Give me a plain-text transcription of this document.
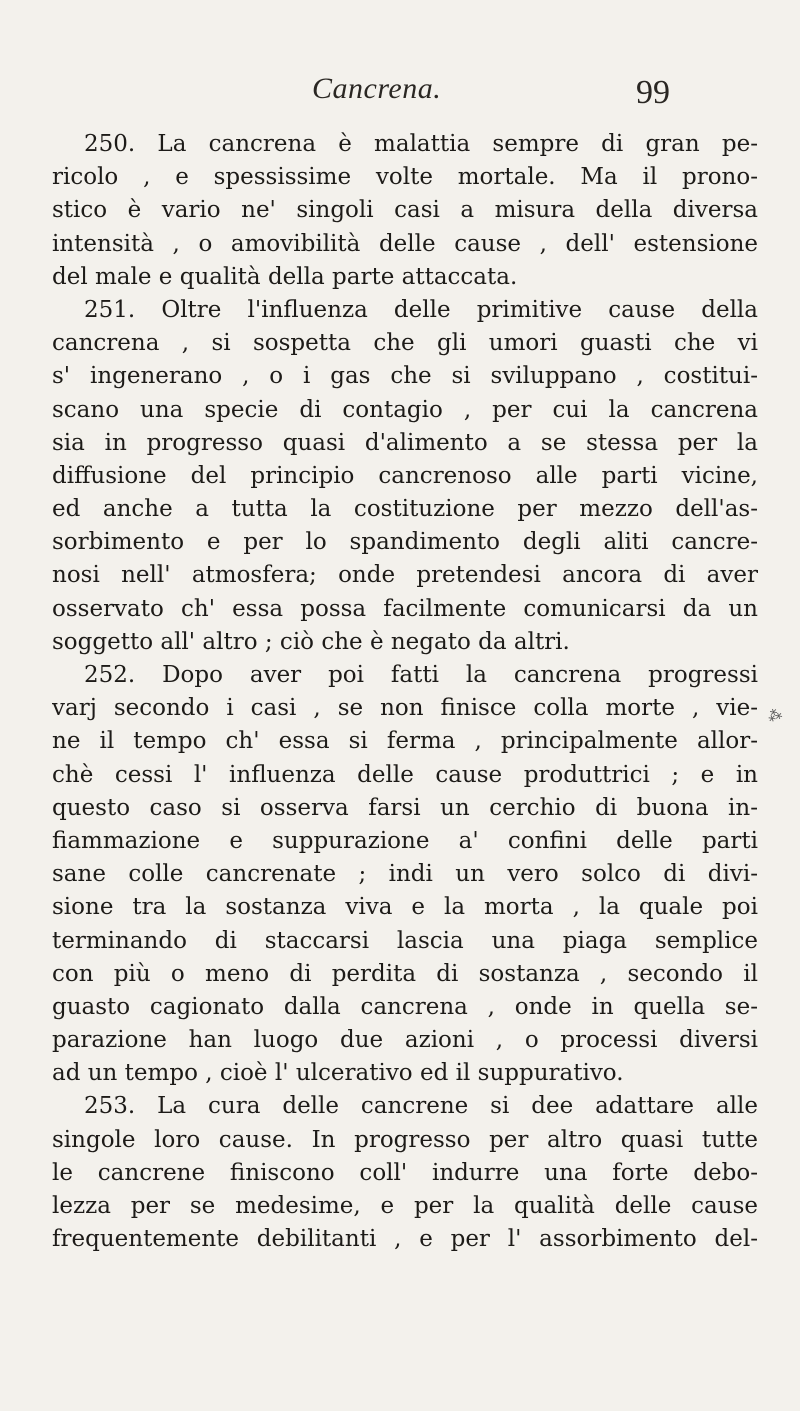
Cancrena.	99
250. La cancrena è malattia sempre di gran pe-
ricolo , e spessissime volte mortale. Ma il prono-
stico è vario ne' singoli casi a misura della diversa
intensità , o amovibilità delle cause , dell' estensione
del male e qualità della parte attaccata.
251. Oltre l'influenza delle primitive cause della
cancrena , si sospetta che gli umori guasti che vi
s' ingenerano , o i gas che si sviluppano , costitui-
scano una specie di contagio , per cui la cancrena
sia in progresso quasi d'alimento a se stessa per la
diffusione del principio cancrenoso alle parti vicine,
ed anche a tutta la costituzione per mezzo dell'as-
sorbimento e per lo spandimento degli aliti cancre-
nosi nell' atmosfera; onde pretendesi ancora di aver
osservato ch' essa possa facilmente comunicarsi da un
soggetto all' altro ; ciò che è negato da altri.
252. Dopo aver poi fatti la cancrena progressi
varj secondo i casi , se non finisce colla morte , vie-
ne il tempo ch' essa si ferma , principalmente allor-
chè cessi l' influenza delle cause produttrici ; e in
questo caso si osserva farsi un cerchio di buona in-
fiammazione e suppurazione a' confini delle parti
sane colle cancrenate ; indi un vero solco di divi-
sione tra la sostanza viva e la morta , la quale poi
terminando di staccarsi lascia una piaga semplice
con più o meno di perdita di sostanza , secondo il
guasto cagionato dalla cancrena , onde in quella se-
parazione han luogo due azioni , o processi diversi
ad un tempo , cioè l' ulcerativo ed il suppurativo.
253. La cura delle cancrene si dee adattare alle
singole loro cause. In progresso per altro quasi tutte
le cancrene finiscono coll' indurre una forte debo-
lezza per se medesime, e per la qualità delle cause
frequentemente debilitanti , e per l' assorbimento del-
⁂
